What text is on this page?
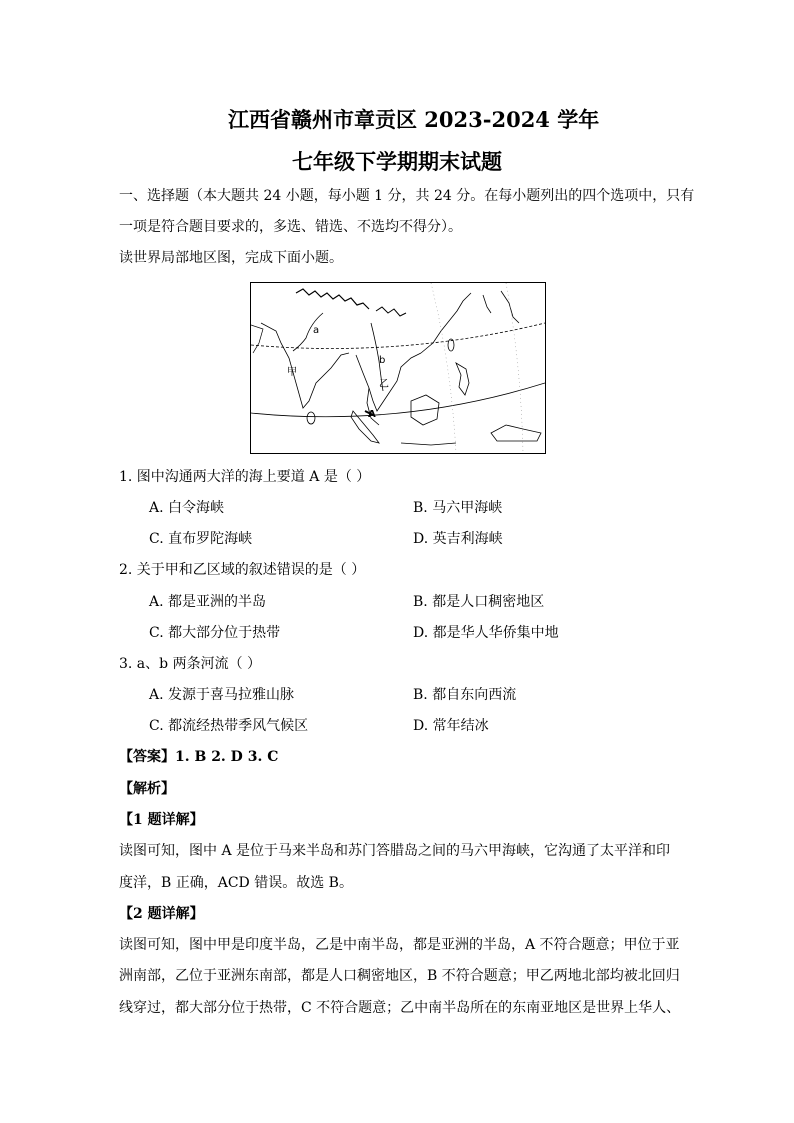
江西省赣州市章贡区 2023-2024 学年
七年级下学期期末试题
一、选择题（本大题共 24 小题，每小题 1 分，共 24 分。在每小题列出的四个选项中，只有
一项是符合题目要求的，多选、错选、不选均不得分）。
读世界局部地区图，完成下面小题。
a
b
甲
乙
A
1. 图中沟通两大洋的海上要道 A 是（ ）
A. 白令海峡	B. 马六甲海峡
C. 直布罗陀海峡	D. 英吉利海峡
2. 关于甲和乙区域的叙述错误的是（ ）
A. 都是亚洲的半岛	B. 都是人口稠密地区
C. 都大部分位于热带	D. 都是华人华侨集中地
3. a、b 两条河流（ ）
A. 发源于喜马拉雅山脉	B. 都自东向西流
C. 都流经热带季风气候区	D. 常年结冰
【答案】1. B 2. D 3. C
【解析】
【1 题详解】
读图可知，图中 A 是位于马来半岛和苏门答腊岛之间的马六甲海峡，它沟通了太平洋和印
度洋，B 正确，ACD 错误。故选 B。
【2 题详解】
读图可知，图中甲是印度半岛，乙是中南半岛，都是亚洲的半岛，A 不符合题意；甲位于亚
洲南部，乙位于亚洲东南部，都是人口稠密地区，B 不符合题意；甲乙两地北部均被北回归
线穿过，都大部分位于热带，C 不符合题意；乙中南半岛所在的东南亚地区是世界上华人、
